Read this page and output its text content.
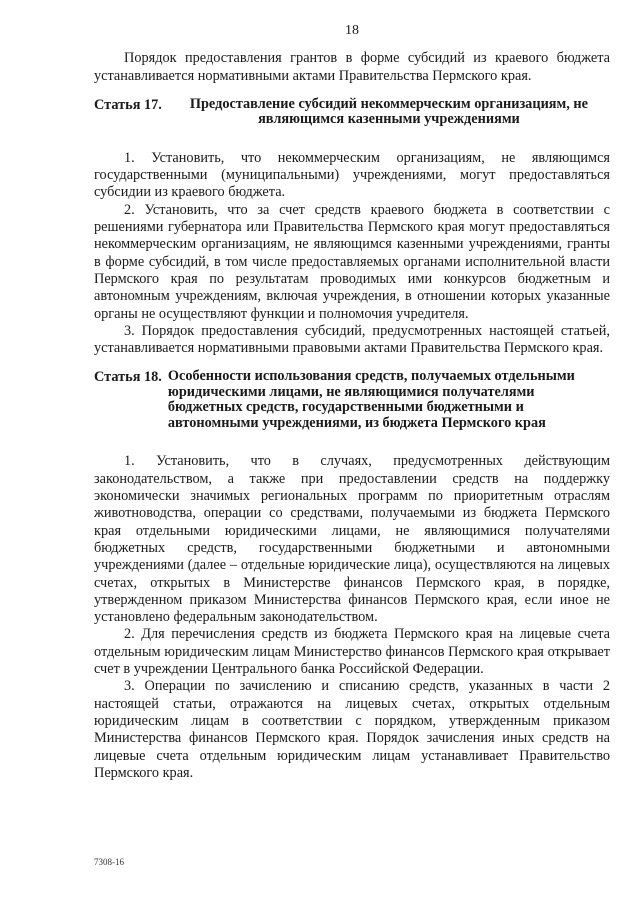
18

Порядок предоставления грантов в форме субсидий из краевого бюджета устанавливается нормативными актами Правительства Пермского края.

Статья 17.	Предоставление субсидий некоммерческим организациям, не являющимся казенными учреждениями

1. Установить, что некоммерческим организациям, не являющимся государственными (муниципальными) учреждениями, могут предоставляться субсидии из краевого бюджета.

2. Установить, что за счет средств краевого бюджета в соответствии с решениями губернатора или Правительства Пермского края могут предоставляться некоммерческим организациям, не являющимся казенными учреждениями, гранты в форме субсидий, в том числе предоставляемых органами исполнительной власти Пермского края по результатам проводимых ими конкурсов бюджетным и автономным учреждениям, включая учреждения, в отношении которых указанные органы не осуществляют функции и полномочия учредителя.

3. Порядок предоставления субсидий, предусмотренных настоящей статьей, устанавливается нормативными правовыми актами Правительства Пермского края.

Статья 18. Особенности использования средств, получаемых отдельными юридическими лицами, не являющимися получателями бюджетных средств, государственными бюджетными и автономными учреждениями, из бюджета Пермского края

1. Установить, что в случаях, предусмотренных действующим законодательством, а также при предоставлении средств на поддержку экономически значимых региональных программ по приоритетным отраслям животноводства, операции со средствами, получаемыми из бюджета Пермского края отдельными юридическими лицами, не являющимися получателями бюджетных средств, государственными бюджетными и автономными учреждениями (далее – отдельные юридические лица), осуществляются на лицевых счетах, открытых в Министерстве финансов Пермского края, в порядке, утвержденном приказом Министерства финансов Пермского края, если иное не установлено федеральным законодательством.

2. Для перечисления средств из бюджета Пермского края на лицевые счета отдельным юридическим лицам Министерство финансов Пермского края открывает счет в учреждении Центрального банка Российской Федерации.

3. Операции по зачислению и списанию средств, указанных в части 2 настоящей статьи, отражаются на лицевых счетах, открытых отдельным юридическим лицам в соответствии с порядком, утвержденным приказом Министерства финансов Пермского края. Порядок зачисления иных средств на лицевые счета отдельным юридическим лицам устанавливает Правительство Пермского края.

7308-16
